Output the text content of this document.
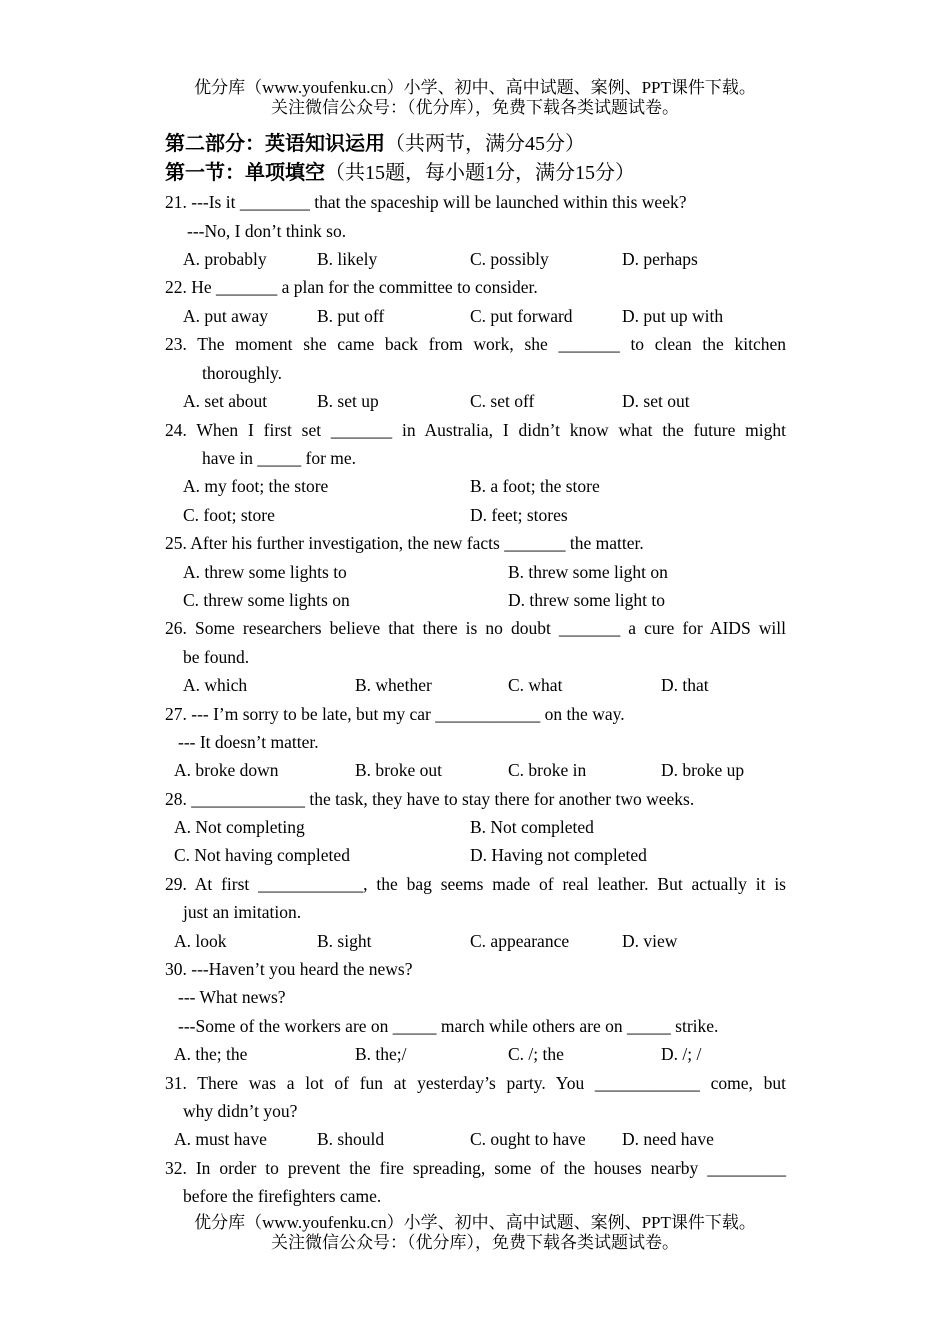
优分库（www.youfenku.cn）小学、初中、高中试题、案例、PPT课件下载。
关注微信公众号：（优分库），免费下载各类试题试卷。
第二部分：英语知识运用（共两节，满分45分）
第一节：单项填空（共15题，每小题1分，满分15分）
21. ---Is it ________ that the spaceship will be launched within this week?
---No, I don’t think so.
A. probably	B. likely	C. possibly	D. perhaps
22. He _______ a plan for the committee to consider.
A. put away	B. put off	C. put forward	D. put up with
23. The moment she came back from work, she _______ to clean the kitchen
thoroughly.
A. set about	B. set up	C. set off	D. set out
24. When I first set _______ in Australia, I didn’t know what the future might
have in _____ for me.
A. my foot; the store	B. a foot; the store
C. foot; store	D. feet; stores
25. After his further investigation, the new facts _______ the matter.
A. threw some lights to	B. threw some light on
C. threw some lights on	D. threw some light to
26. Some researchers believe that there is no doubt _______ a cure for AIDS will
be found.
A. which	B. whether	C. what	D. that
27. --- I’m sorry to be late, but my car ____________ on the way.
--- It doesn’t matter.
A. broke down	B. broke out	C. broke in	D. broke up
28. _____________ the task, they have to stay there for another two weeks.
A. Not completing	B. Not completed
C. Not having completed	D. Having not completed
29. At first ____________, the bag seems made of real leather. But actually it is
just an imitation.
A. look	B. sight	C. appearance	D. view
30. ---Haven’t you heard the news?
--- What news?
---Some of the workers are on _____ march while others are on _____ strike.
A. the; the	B. the;/	C. /; the	D. /; /
31. There was a lot of fun at yesterday’s party. You ____________ come, but
why didn’t you?
A. must have	B. should	C. ought to have D. need have
32. In order to prevent the fire spreading, some of the houses nearby _________
before the firefighters came.
优分库（www.youfenku.cn）小学、初中、高中试题、案例、PPT课件下载。
关注微信公众号：（优分库），免费下载各类试题试卷。
